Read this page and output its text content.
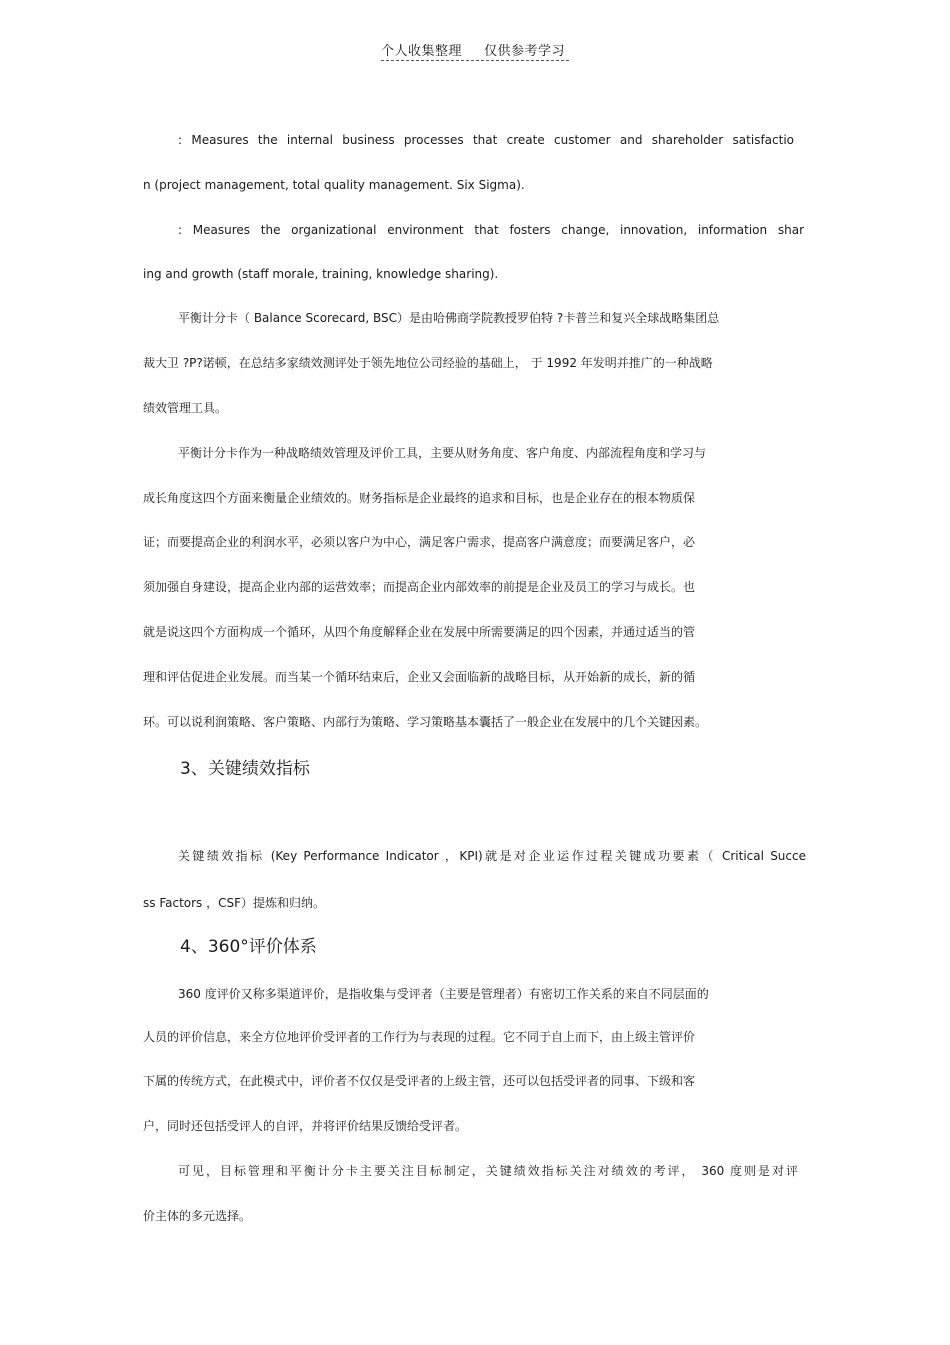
个人收集整理 仅供参考学习
: Measures the internal business processes that create customer and shareholder satisfactio
n (project management, total quality management. Six Sigma).
: Measures the organizational environment that fosters change, innovation, information shar
ing and growth (staff morale, training, knowledge sharing).
平衡计分卡（ Balance Scorecard, BSC）是由哈佛商学院教授罗伯特 ?卡普兰和复兴全球战略集团总
裁大卫 ?P?诺顿，在总结多家绩效测评处于领先地位公司经验的基础上， 于 1992 年发明并推广的一种战略
绩效管理工具。
平衡计分卡作为一种战略绩效管理及评价工具，主要从财务角度、客户角度、内部流程角度和学习与
成长角度这四个方面来衡量企业绩效的。财务指标是企业最终的追求和目标，也是企业存在的根本物质保
证；而要提高企业的利润水平，必须以客户为中心，满足客户需求，提高客户满意度；而要满足客户，必
须加强自身建设，提高企业内部的运营效率；而提高企业内部效率的前提是企业及员工的学习与成长。也
就是说这四个方面构成一个循环，从四个角度解释企业在发展中所需要满足的四个因素，并通过适当的管
理和评估促进企业发展。而当某一个循环结束后，企业又会面临新的战略目标，从开始新的成长，新的循
环。可以说利润策略、客户策略、内部行为策略、学习策略基本囊括了一般企业在发展中的几个关键因素。
3、关键绩效指标
关键绩效指标 (Key Performance Indicator ，KPI)就是对企业运作过程关键成功要素（ Critical Succe
ss Factors ，CSF）提炼和归纳。
4、360°评价体系
360 度评价又称多渠道评价，是指收集与受评者（主要是管理者）有密切工作关系的来自不同层面的
人员的评价信息，来全方位地评价受评者的工作行为与表现的过程。它不同于自上而下，由上级主管评价
下属的传统方式，在此模式中，评价者不仅仅是受评者的上级主管，还可以包括受评者的同事、下级和客
户，同时还包括受评人的自评，并将评价结果反馈给受评者。
可见，目标管理和平衡计分卡主要关注目标制定，关键绩效指标关注对绩效的考评， 360 度则是对评
价主体的多元选择。
